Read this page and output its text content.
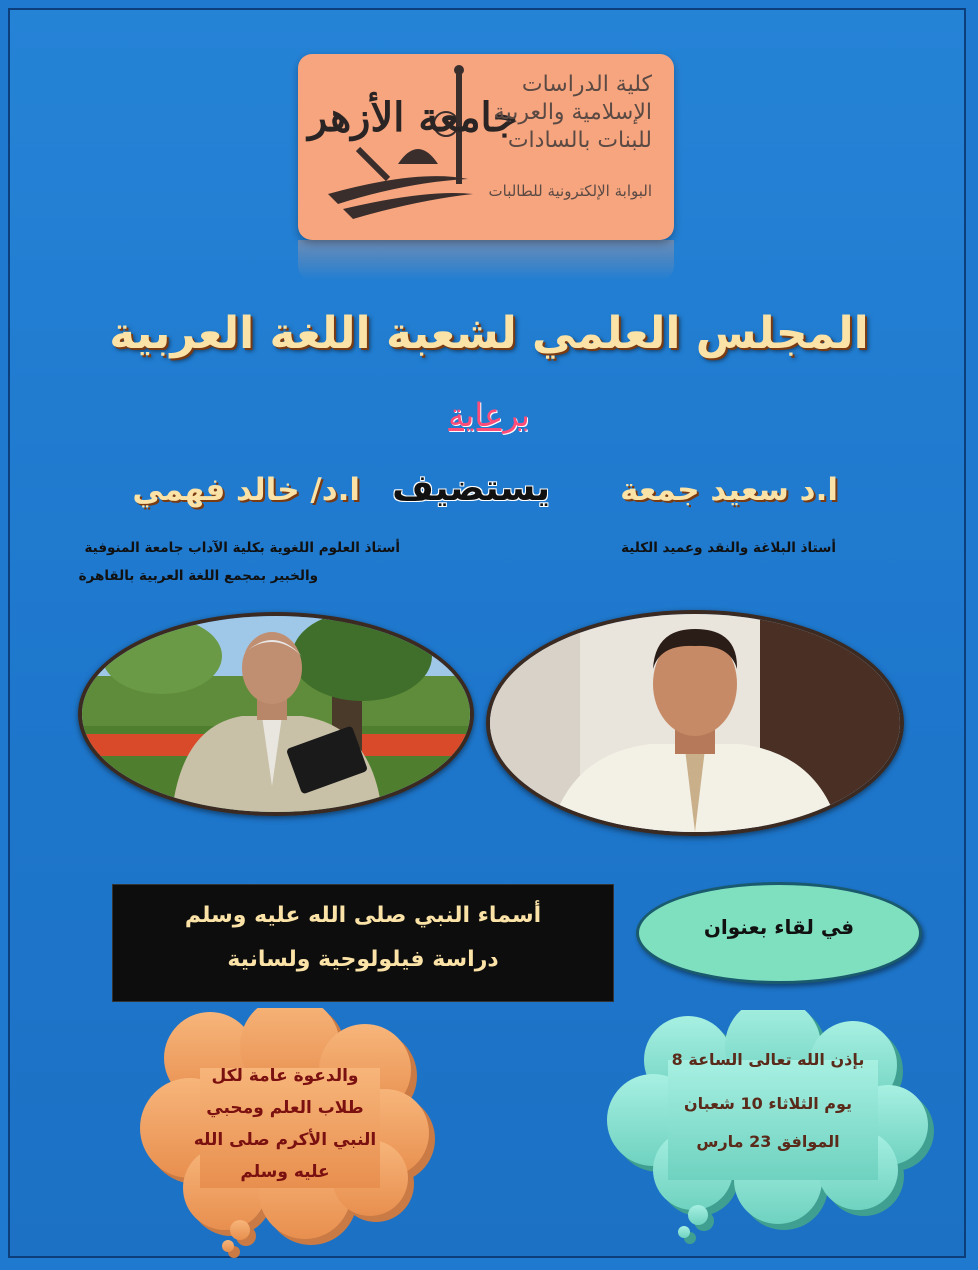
جامعة الأزهر
كلية الدراسات
الإسلامية والعربية
للبنات بالسادات
البوابة الإلكترونية للطالبات
المجلس العلمي لشعبة اللغة العربية
برعاية
ا.د سعيد جمعة
يستضيف
ا.د/ خالد فهمي
أستاذ البلاغة والنقد وعميد الكلية
أستاذ العلوم اللغوية بكلية الآداب جامعة المنوفية
والخبير بمجمع اللغة العربية بالقاهرة
في لقاء بعنوان
أسماء النبي صلى الله عليه وسلم
دراسة فيلولوجية ولسانية
والدعوة عامة لكل
طلاب العلم ومحبي
النبي الأكرم صلى الله
عليه وسلم
بإذن الله تعالى الساعة 8
يوم الثلاثاء 10 شعبان
الموافق 23 مارس
